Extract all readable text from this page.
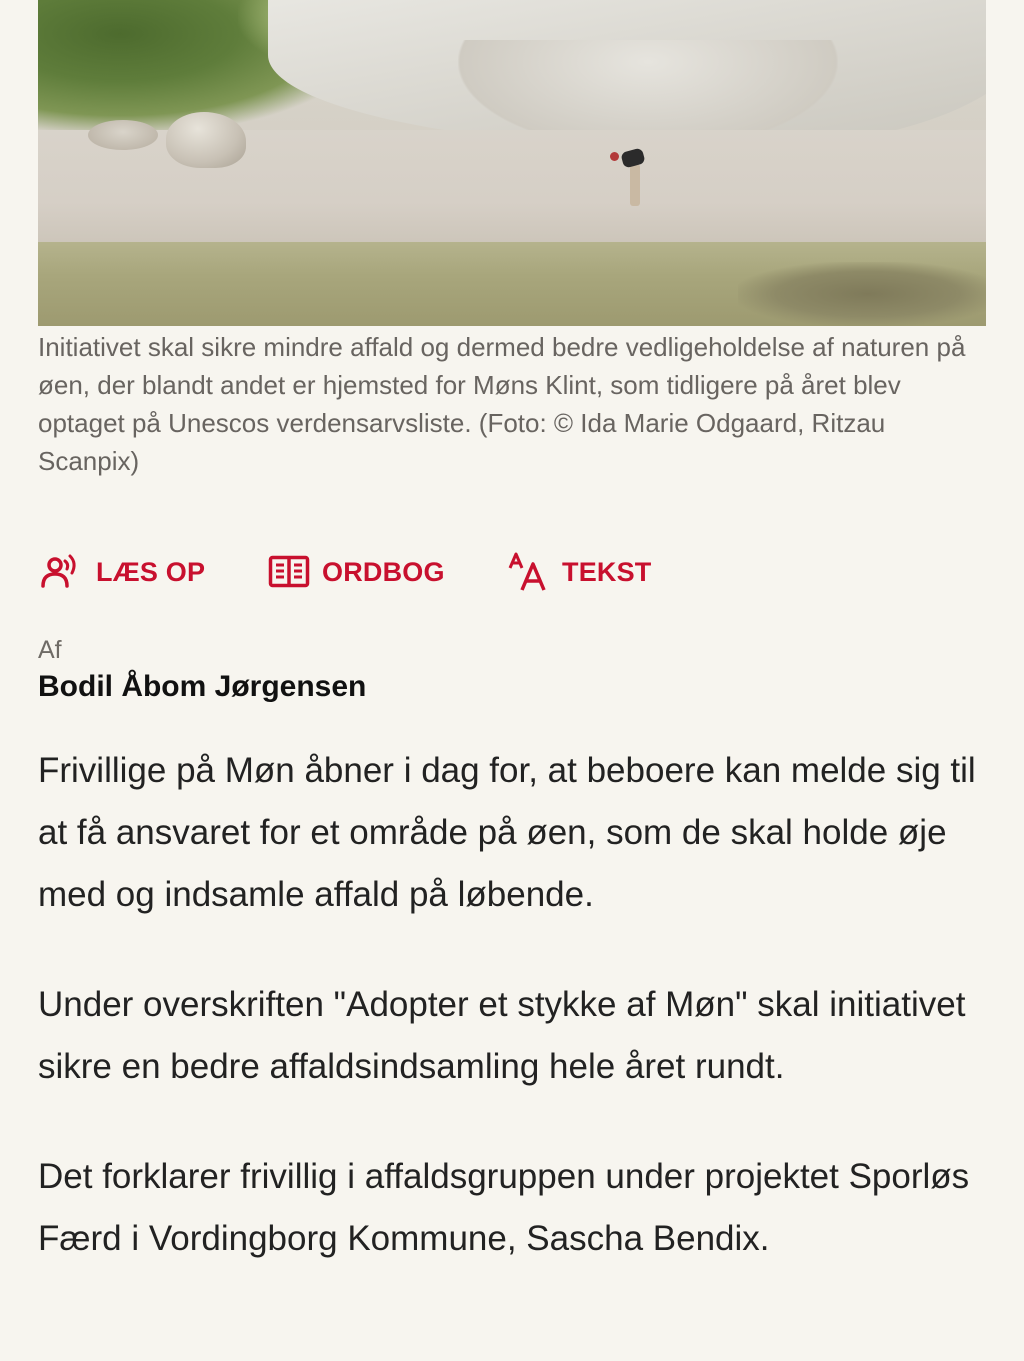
Initiativet skal sikre mindre affald og dermed bedre vedligeholdelse af naturen på øen, der blandt andet er hjemsted for Møns Klint, som tidligere på året blev optaget på Unescos verdensarvsliste. (Foto: © Ida Marie Odgaard, Ritzau Scanpix)

LÆS OP	ORDBOG	TEKST
Af
Bodil Åbom Jørgensen

Frivillige på Møn åbner i dag for, at beboere kan melde sig til at få ansvaret for et område på øen, som de skal holde øje med og indsamle affald på løbende.

Under overskriften "Adopter et stykke af Møn" skal initiativet sikre en bedre affaldsindsamling hele året rundt.

Det forklarer frivillig i affaldsgruppen under projektet Sporløs Færd i Vordingborg Kommune, Sascha Bendix.
